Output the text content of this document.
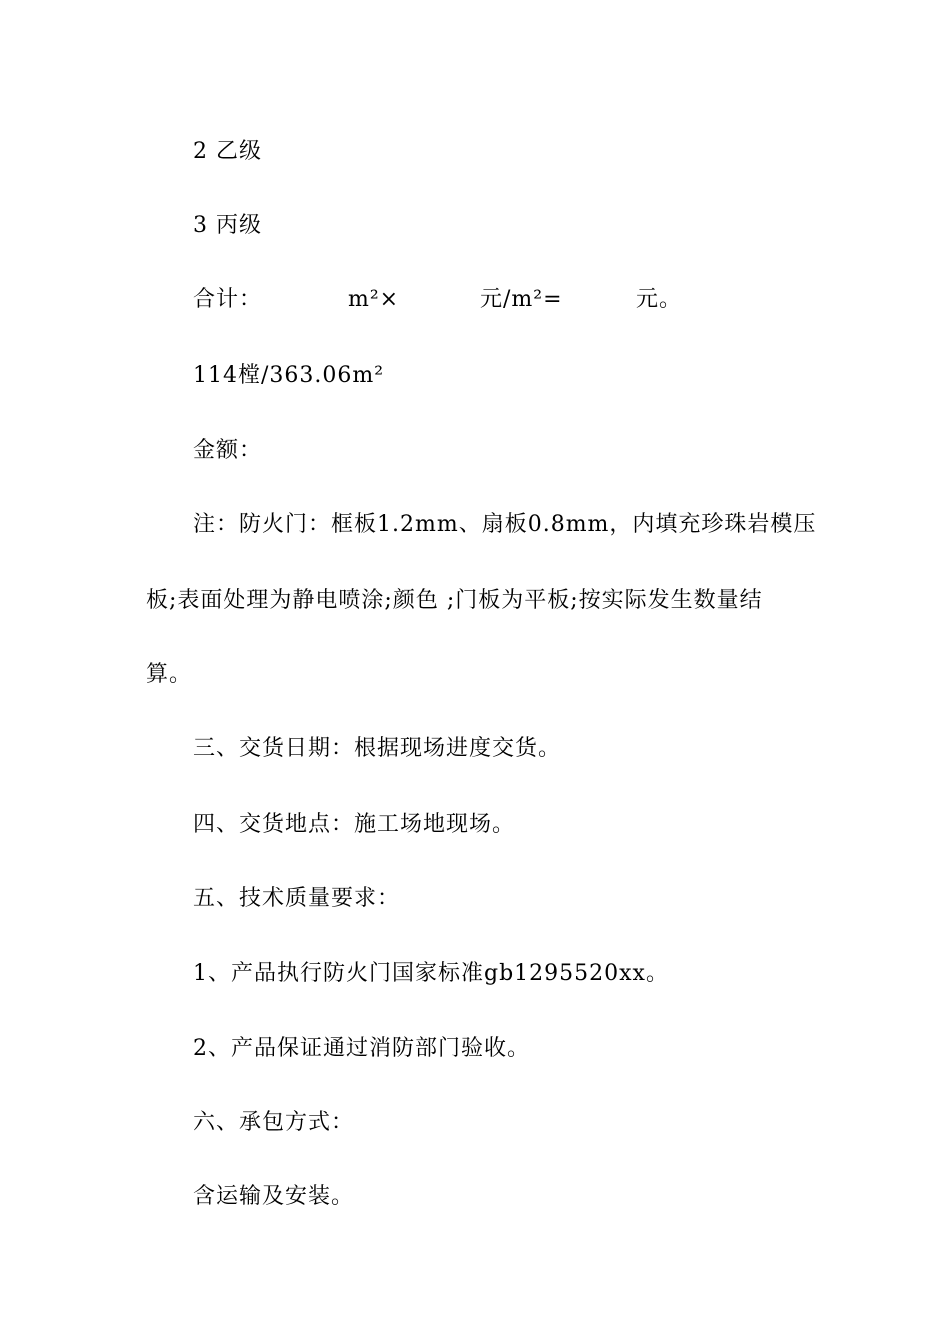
2 乙级
3 丙级

合计：

	m²×

	元/m²=

	元。

114樘/363.06m²
金额：
注：防火门：框板1.2mm、扇板0.8mm，内填充珍珠岩模压
板;表面处理为静电喷涂;颜色 ;门板为平板;按实际发生数量结
算。
三、交货日期：根据现场进度交货。
四、交货地点：施工场地现场。
五、技术质量要求：
1、产品执行防火门国家标准gb1295520xx。
2、产品保证通过消防部门验收。
六、承包方式：
含运输及安装。
